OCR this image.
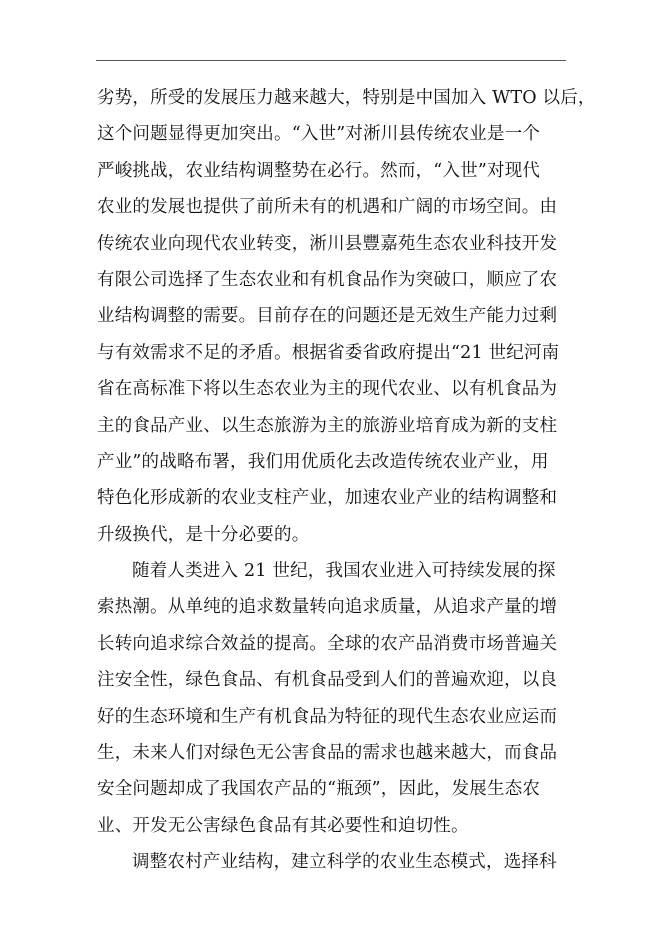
劣势，所受的发展压力越来越大，特别是中国加入 WTO 以后，
这个问题显得更加突出。“入世”对淅川县传统农业是一个
严峻挑战，农业结构调整势在必行。然而，“入世”对现代
农业的发展也提供了前所未有的机遇和广阔的市场空间。由
传统农业向现代农业转变，淅川县豐嘉苑生态农业科技开发
有限公司选择了生态农业和有机食品作为突破口，顺应了农
业结构调整的需要。目前存在的问题还是无效生产能力过剩
与有效需求不足的矛盾。根据省委省政府提出“21 世纪河南
省在高标准下将以生态农业为主的现代农业、以有机食品为
主的食品产业、以生态旅游为主的旅游业培育成为新的支柱
产业”的战略布署，我们用优质化去改造传统农业产业，用
特色化形成新的农业支柱产业，加速农业产业的结构调整和
升级换代，是十分必要的。
随着人类进入 21 世纪，我国农业进入可持续发展的探
索热潮。从单纯的追求数量转向追求质量，从追求产量的增
长转向追求综合效益的提高。全球的农产品消费市场普遍关
注安全性，绿色食品、有机食品受到人们的普遍欢迎，以良
好的生态环境和生产有机食品为特征的现代生态农业应运而
生，未来人们对绿色无公害食品的需求也越来越大，而食品
安全问题却成了我国农产品的“瓶颈”，因此，发展生态农
业、开发无公害绿色食品有其必要性和迫切性。
调整农村产业结构，建立科学的农业生态模式，选择科
